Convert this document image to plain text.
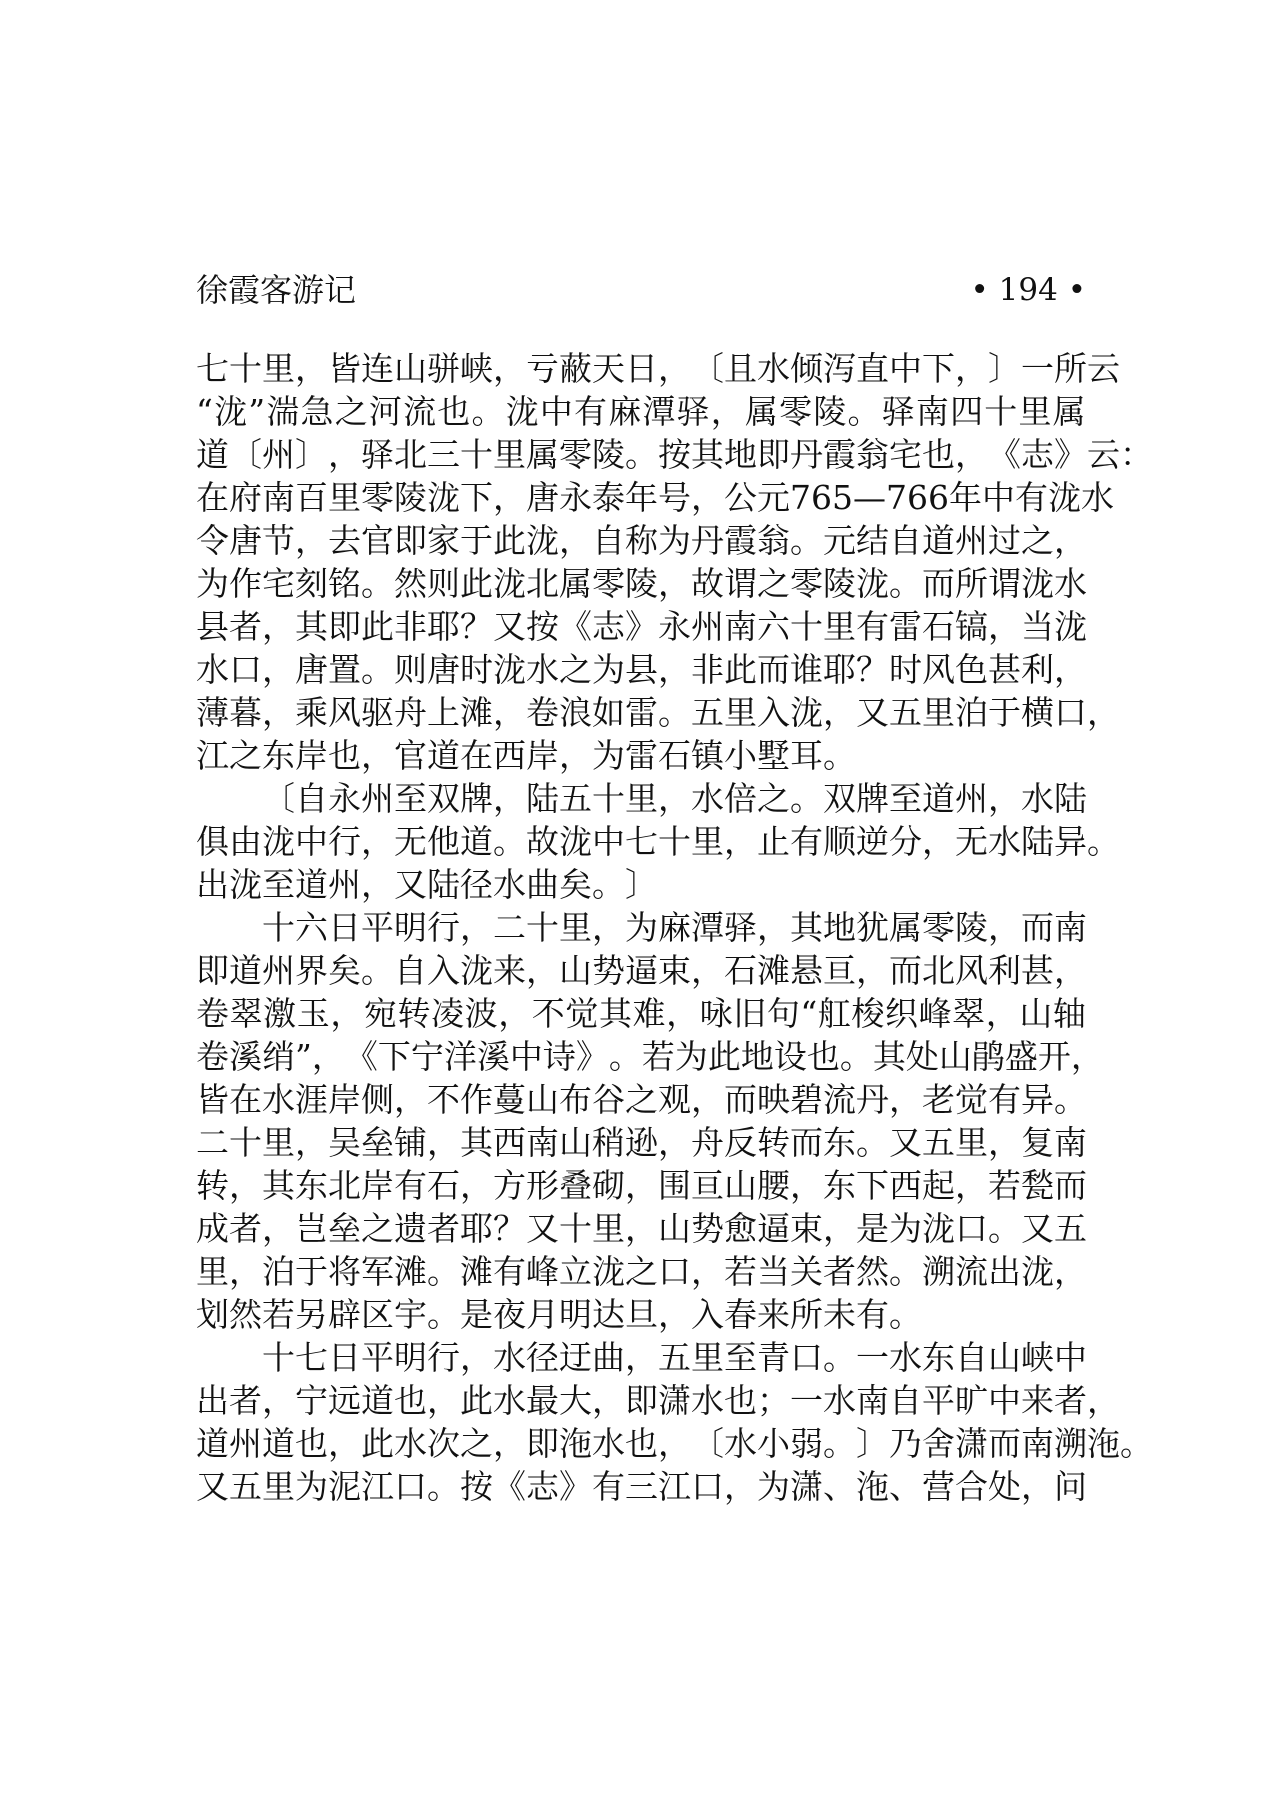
徐霞客游记	• 194 •
七 十 里 ， 皆 连 山 骈 峡 ， 亏 蔽 天 日 ， 〔 且 水 倾 泻 直 中 下 ， 〕 一 所 云
“ 泷 ” 湍 急 之 河 流 也 。 泷 中 有 麻 潭 驿 ， 属 零 陵 。 驿 南 四 十 里 属
道 〔 州 〕 ， 驿 北 三 十 里 属 零 陵 。 按 其 地 即 丹 霞 翁 宅 也 ， 《 志 》 云 ：
在 府 南 百 里 零 陵 泷 下 ， 唐 永 泰 年 号 ， 公 元 765 — 766 年 中 有 泷 水
令 唐 节 ， 去 官 即 家 于 此 泷 ， 自 称 为 丹 霞 翁 。 元 结 自 道 州 过 之 ，
为 作 宅 刻 铭 。 然 则 此 泷 北 属 零 陵 ， 故 谓 之 零 陵 泷 。 而 所 谓 泷 水
县 者 ， 其 即 此 非 耶 ？ 又 按 《 志 》 永 州 南 六 十 里 有 雷 石 镐 ， 当 泷
水 口 ， 唐 置 。 则 唐 时 泷 水 之 为 县 ， 非 此 而 谁 耶 ？ 时 风 色 甚 利 ，
薄 暮 ， 乘 风 驱 舟 上 滩 ， 卷 浪 如 雷 。 五 里 入 泷 ， 又 五 里 泊 于 横 口 ，
江 之 东 岸 也 ， 官 道 在 西 岸 ， 为 雷 石 镇 小 墅 耳 。
〔 自 永 州 至 双 牌 ， 陆 五 十 里 ， 水 倍 之 。 双 牌 至 道 州 ， 水 陆
俱 由 泷 中 行 ， 无 他 道 。 故 泷 中 七 十 里 ， 止 有 顺 逆 分 ， 无 水 陆 异 。
出 泷 至 道 州 ， 又 陆 径 水 曲 矣 。 〕
十 六 日 平 明 行 ， 二 十 里 ， 为 麻 潭 驿 ， 其 地 犹 属 零 陵 ， 而 南
即 道 州 界 矣 。 自 入 泷 来 ， 山 势 逼 束 ， 石 滩 悬 亘 ， 而 北 风 利 甚 ，
卷 翠 激 玉 ， 宛 转 凌 波 ， 不 觉 其 难 ， 咏 旧 句 “ 舡 梭 织 峰 翠 ， 山 轴
卷 溪 绡 ” ， 《 下 宁 洋 溪 中 诗 》 。 若 为 此 地 设 也 。 其 处 山 鹃 盛 开 ，
皆 在 水 涯 岸 侧 ， 不 作 蔓 山 布 谷 之 观 ， 而 映 碧 流 丹 ， 老 觉 有 异 。
二 十 里 ， 吴 垒 铺 ， 其 西 南 山 稍 逊 ， 舟 反 转 而 东 。 又 五 里 ， 复 南
转 ， 其 东 北 岸 有 石 ， 方 形 叠 砌 ， 围 亘 山 腰 ， 东 下 西 起 ， 若 甃 而
成 者 ， 岂 垒 之 遗 者 耶 ？ 又 十 里 ， 山 势 愈 逼 束 ， 是 为 泷 口 。 又 五
里 ， 泊 于 将 军 滩 。 滩 有 峰 立 泷 之 口 ， 若 当 关 者 然 。 溯 流 出 泷 ，
划 然 若 另 辟 区 宇 。 是 夜 月 明 达 旦 ， 入 春 来 所 未 有 。
十 七 日 平 明 行 ， 水 径 迂 曲 ， 五 里 至 青 口 。 一 水 东 自 山 峡 中
出 者 ， 宁 远 道 也 ， 此 水 最 大 ， 即 潇 水 也 ； 一 水 南 自 平 旷 中 来 者 ，
道 州 道 也 ， 此 水 次 之 ， 即 沲 水 也 ， 〔 水 小 弱 。 〕 乃 舍 潇 而 南 溯 沲 。
又 五 里 为 泥 江 口 。 按 《 志 》 有 三 江 口 ， 为 潇 、 沲 、 营 合 处 ， 问
